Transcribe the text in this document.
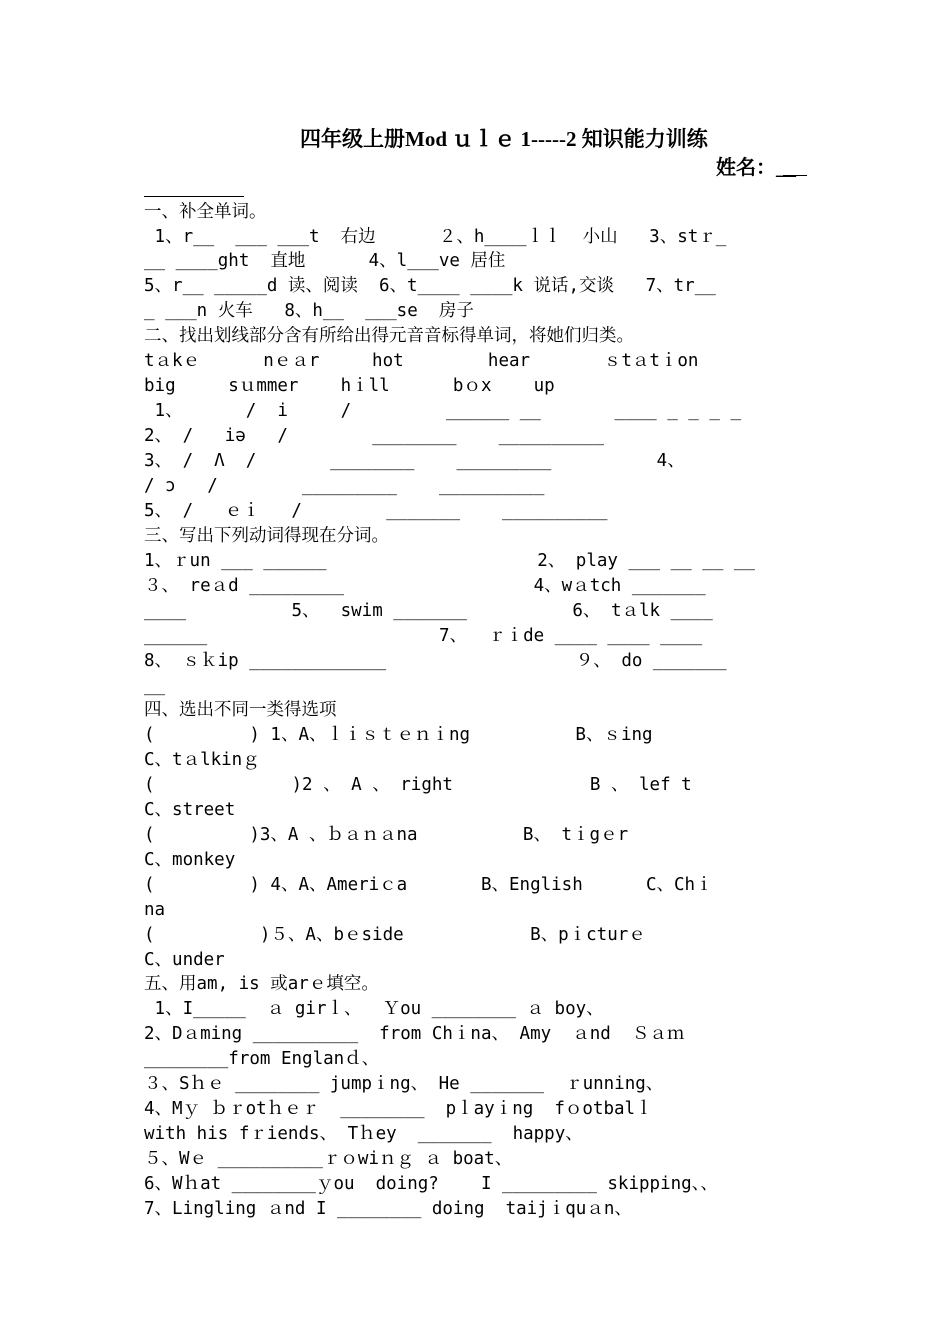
四年级上册Mod ｕｌｅ 1-----2 知识能力训练
姓名：__
一、补全单词。
1、r__  ___ ___t  右边      ２、h____ｌｌ  小山   3、stｒ_
__ ____ght  直地      4、l___ve 居住
5、r__ _____d 读、阅读  6、t____ ____k 说话,交谈   7、tr__
_ ___n 火车   8、h__  ___se  房子
二、找出划线部分含有所给出得元音音标得单词，将她们归类。
tａkｅ      nｅａr     hot        hear       ｓtａtｉon
big     sｕmmer    hｉll      bｏx    up
1、      /  i     /         ______ __       ____ _ _ _ _
2、 /   iə   /        ________    __________
3、 /  Λ  /       ________    _________          4、
/ ɔ   /        _________    __________
5、 /   ｅｉ   /        _______    __________
三、写出下列动词得现在分词。
1、ｒun ___ ______                    2、 play ___ __ __ __
３、 reａd _________                  4、wａtch _______
____          5、  swim _______          6、 tａlk ____
______                      7、  ｒｉde ____ ____ ____
8、 ｓｋip _____________                  ９、 do _______
__
四、选出不同一类得选项
(         ) 1、A、ｌｉｓｔｅｎｉng          B、ｓing
C、tａlkinｇ
(             )2 、 A 、 right             B 、 lef t
C、street
(         )3、A 、ｂａｎａna          B、 tｉgｅr
C、monkey
(         ) 4、A、Ameriｃa       B、English      C、Chｉ
na
(          )５、A、bｅside            B、pｉcturｅ
C、under
五、用am, is 或arｅ填空。
1、I_____  ａ girｌ、  Ｙou ________ ａ boy、
2、Dａming __________  from Chｉna、 Amy  ａnd  Ｓａｍ
________from Englanｄ、
３、Sｈｅ ________ jumpｉng、 He _______  ｒunning、
4、Mｙ ｂｒotｈｅｒ  ________  pｌayｉng  fｏotbalｌ
with his fｒiends、 Tｈey  _______  happy、
５、Wｅ __________ｒｏwiｎｇ ａ boat、
6、Wｈat ________ｙou  doing?    I _________ skipping、、
7、Lingling ａnd I ________ doing  taijｉquａn、
